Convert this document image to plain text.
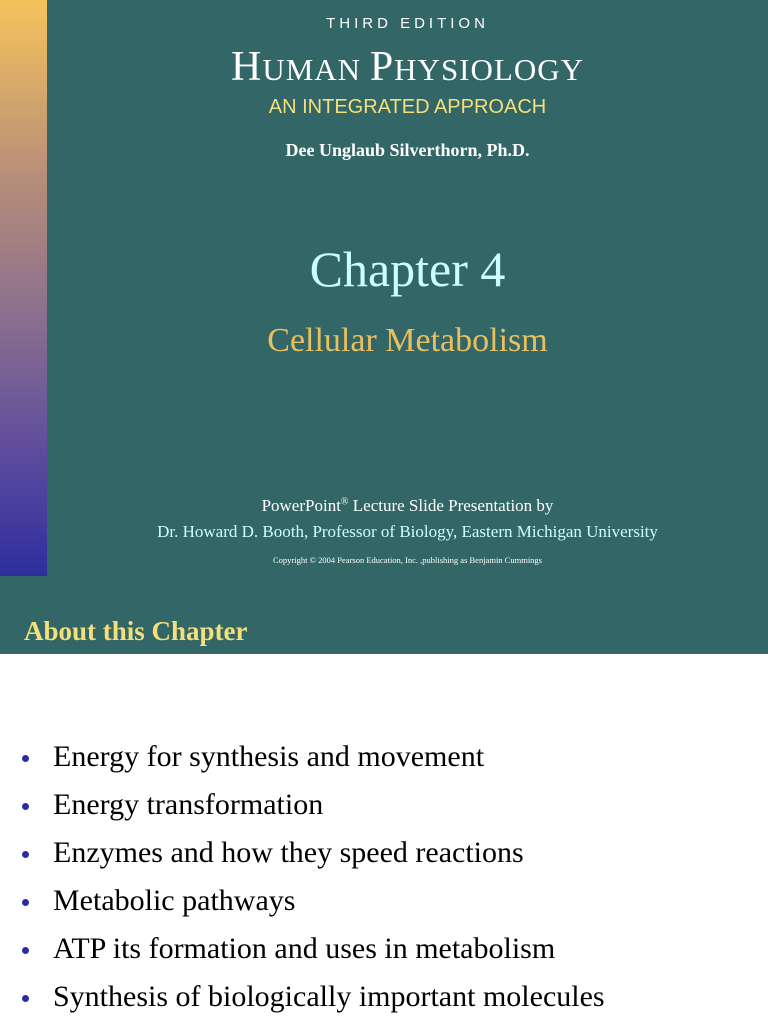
THIRD EDITION
HUMAN PHYSIOLOGY
AN INTEGRATED APPROACH
Dee Unglaub Silverthorn, Ph.D.
Chapter 4
Cellular Metabolism
PowerPoint® Lecture Slide Presentation by
Dr. Howard D. Booth, Professor of Biology, Eastern Michigan University
Copyright © 2004 Pearson Education, Inc. ,publishing as Benjamin Cummings
About this Chapter
Energy for synthesis and movement
Energy transformation
Enzymes and how they speed reactions
Metabolic pathways
ATP its formation and uses in metabolism
Synthesis of biologically important molecules
